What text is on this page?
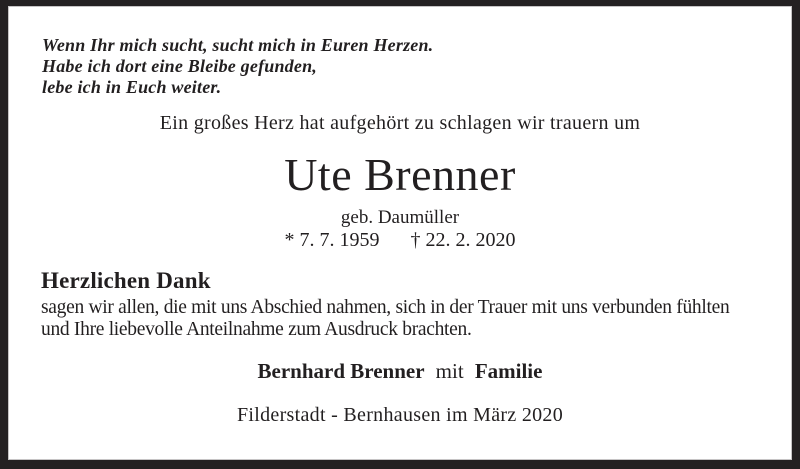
Wenn Ihr mich sucht, sucht mich in Euren Herzen.
Habe ich dort eine Bleibe gefunden,
lebe ich in Euch weiter.
Ein großes Herz hat aufgehört zu schlagen wir trauern um
Ute Brenner
geb. Daumüller
* 7. 7. 1959 † 22. 2. 2020
Herzlichen Dank
sagen wir allen, die mit uns Abschied nahmen, sich in der Trauer mit uns verbunden fühlten
und Ihre liebevolle Anteilnahme zum Ausdruck brachten.
Bernhard Brenner mit Familie
Filderstadt - Bernhausen im März 2020
